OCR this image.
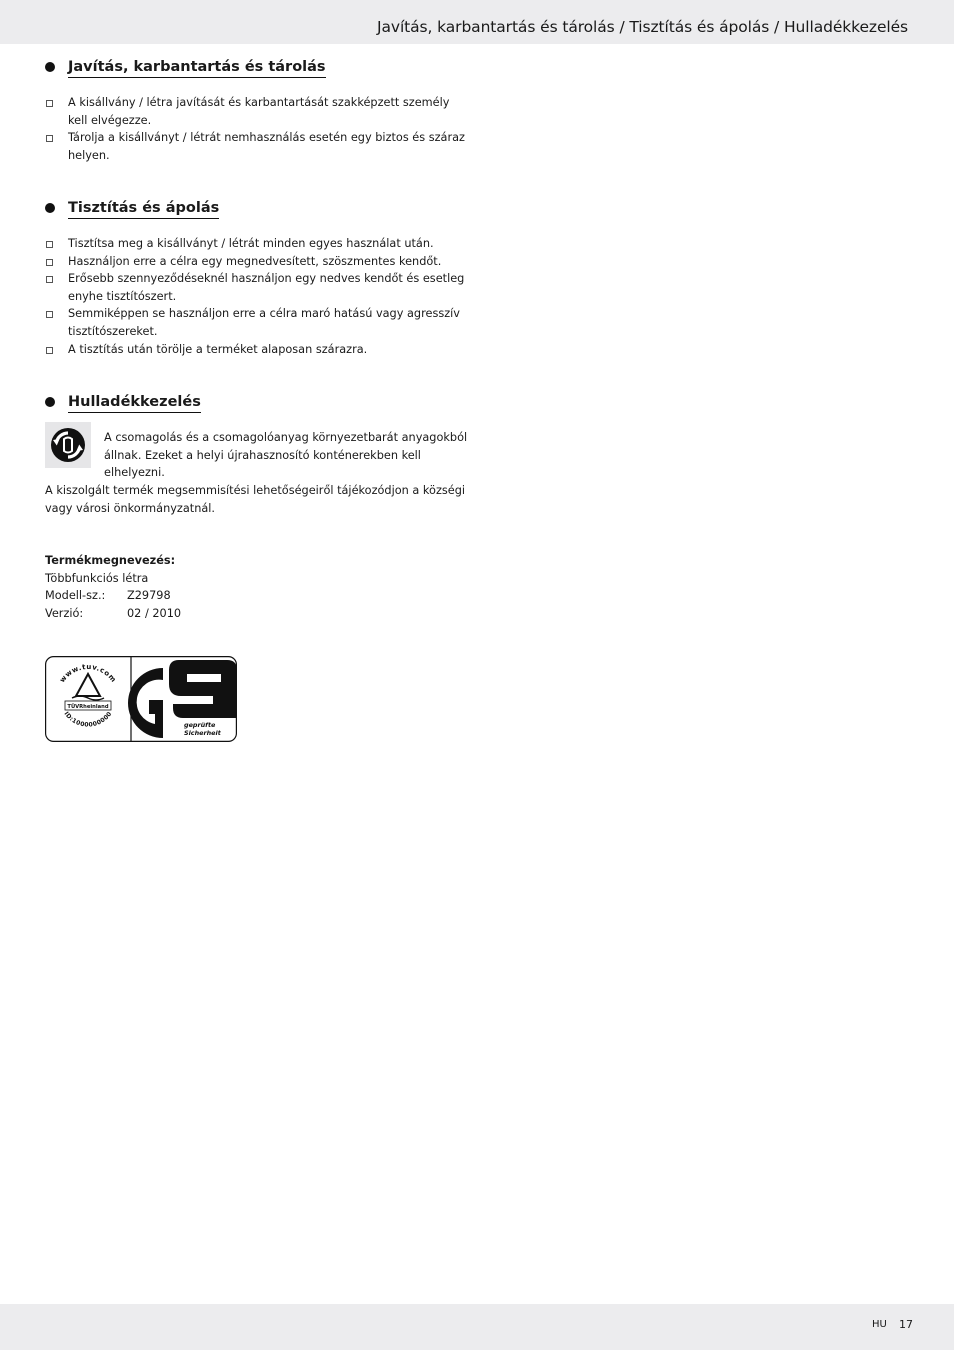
Javítás, karbantartás és tárolás / Tisztítás és ápolás / Hulladékkezelés
Javítás, karbantartás és tárolás
A kisállvány / létra javítását és karbantartását szakképzett személy kell elvégezze.
Tárolja a kisállványt / létrát nemhasználás esetén egy biztos és száraz helyen.
Tisztítás és ápolás
Tisztítsa meg a kisállványt / létrát minden egyes használat után.
Használjon erre a célra egy megnedvesített, szöszmentes kendőt.
Erősebb szennyeződéseknél használjon egy nedves kendőt és esetleg enyhe tisztítószert.
Semmiképpen se használjon erre a célra maró hatású vagy agresszív tisztítószereket.
A tisztítás után törölje a terméket alaposan szárazra.
Hulladékkezelés
A csomagolás és a csomagolóanyag környezetbarát anyagokból állnak. Ezeket a helyi újrahasznosító konténerekben kell elhelyezni.
A kiszolgált termék megsemmisítési lehetőségeiről tájékozódjon a községi vagy városi önkormányzatnál.
Termékmegnevezés:
Többfunkciós létra
Modell-sz.: Z29798
Verzió:	02 / 2010
www.tuv.com
TÜVRheinland
ID:1000000000
geprüfte
Sicherheit
HU 17
